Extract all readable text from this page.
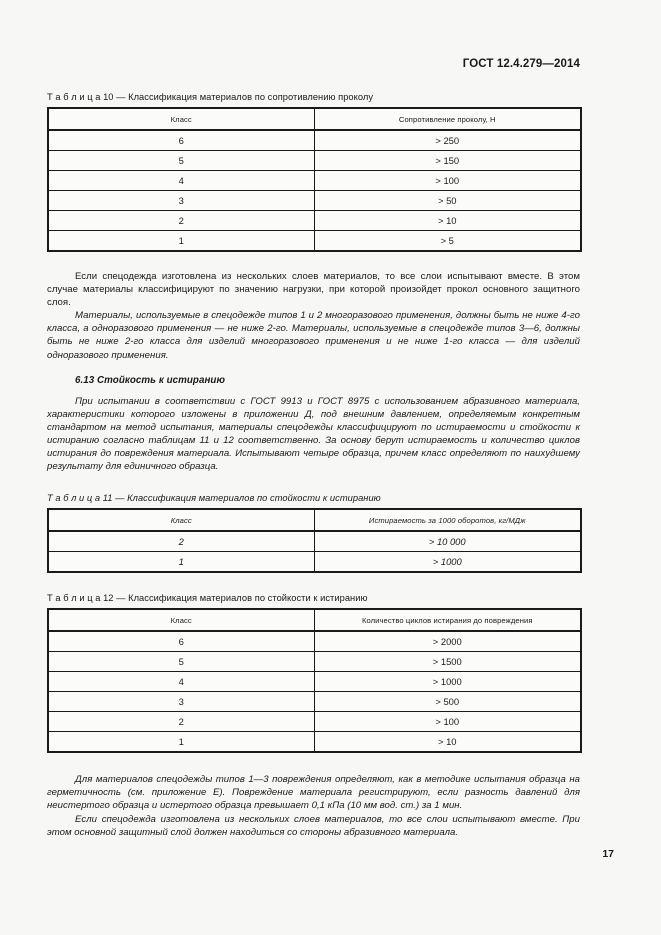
ГОСТ 12.4.279—2014
Т а б л и ц а 10 — Классификация материалов по сопротивлению проколу
Класс	Сопротивление проколу, Н
6	> 250
5	> 150
4	> 100
3	> 50
2	> 10
1	> 5

Если спецодежда изготовлена из нескольких слоев материалов, то все слои испытывают вместе. В этом случае материалы классифицируют по значению нагрузки, при которой произойдет прокол основного защитного слоя.

Материалы, используемые в спецодежде типов 1 и 2 многоразового применения, должны быть не ниже 4-го класса, а одноразового применения — не ниже 2-го. Материалы, используемые в спецодежде типов 3—6, должны быть не ниже 2-го класса для изделий многоразового применения и не ниже 1-го класса — для изделий одноразового применения.

6.13 Стойкость к истиранию

При испытании в соответствии с ГОСТ 9913 и ГОСТ 8975 с использованием абразивного материала, характеристики которого изложены в приложении Д, под внешним давлением, определяемым конкретным стандартом на метод испытания, материалы спецодежды классифицируют по истираемости и стойкости к истиранию согласно таблицам 11 и 12 соответственно. За основу берут истираемость и количество циклов истирания до повреждения материала. Испытывают четыре образца, причем класс определяют по наихудшему результату для единичного образца.

Т а б л и ц а 11 — Классификация материалов по стойкости к истиранию
Класс	Истираемость за 1000 оборотов, кг/МДж
2	> 10 000
1	> 1000
Т а б л и ц а 12 — Классификация материалов по стойкости к истиранию
Класс	Количество циклов истирания до повреждения
6	> 2000
5	> 1500
4	> 1000
3	> 500
2	> 100
1	> 10

Для материалов спецодежды типов 1—3 повреждения определяют, как в методике испытания образца на герметичность (см. приложение Е). Повреждение материала регистрируют, если разность давлений для неистертого образца и истертого образца превышает 0,1 кПа (10 мм вод. ст.) за 1 мин.

Если спецодежда изготовлена из нескольких слоев материалов, то все слои испытывают вместе. При этом основной защитный слой должен находиться со стороны абразивного материала.

17
